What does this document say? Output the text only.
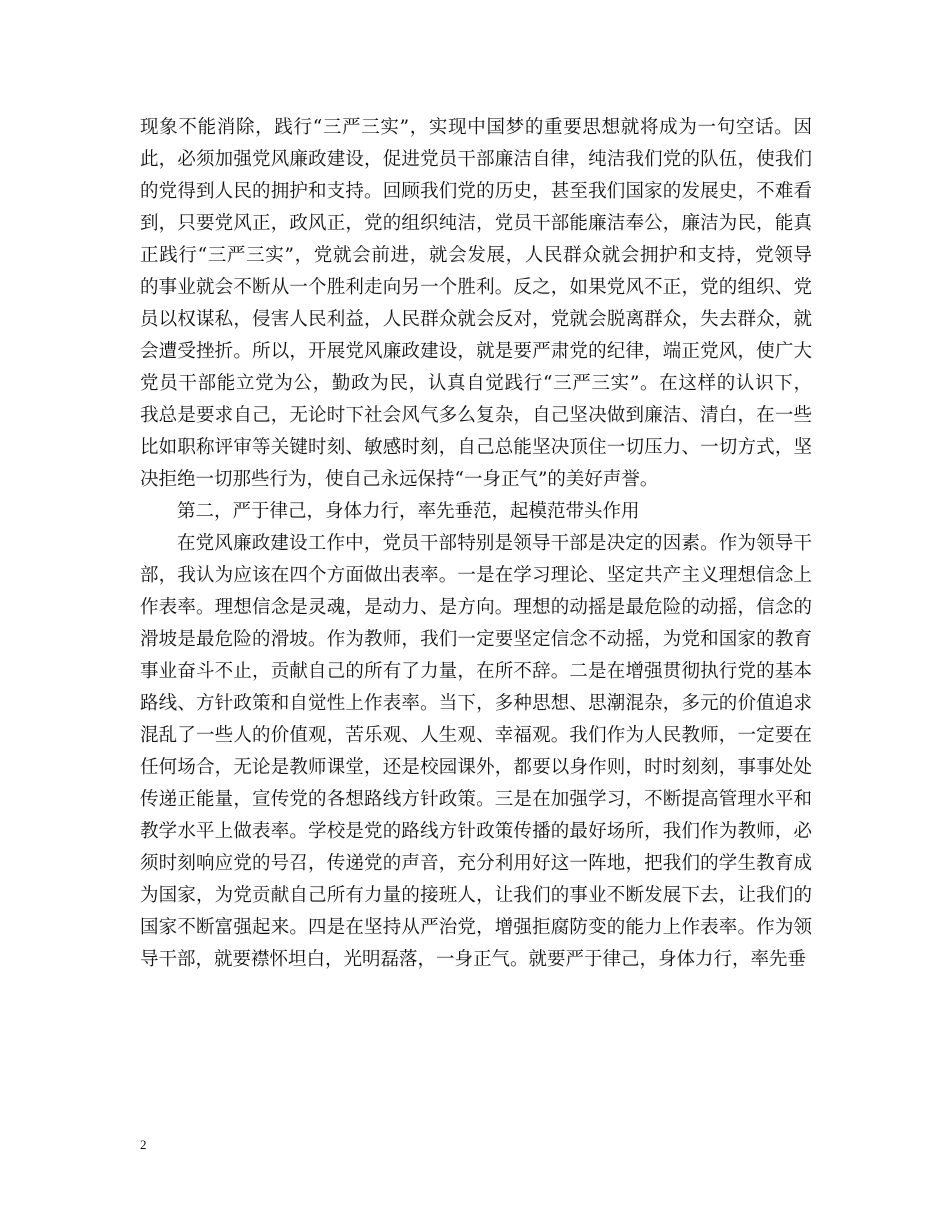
现象不能消除，践行“三严三实”，实现中国梦的重要思想就将成为一句空话。因
此，必须加强党风廉政建设，促进党员干部廉洁自律，纯洁我们党的队伍，使我们
的党得到人民的拥护和支持。回顾我们党的历史，甚至我们国家的发展史，不难看
到，只要党风正，政风正，党的组织纯洁，党员干部能廉洁奉公，廉洁为民，能真
正践行“三严三实”，党就会前进，就会发展，人民群众就会拥护和支持，党领导
的事业就会不断从一个胜利走向另一个胜利。反之，如果党风不正，党的组织、党
员以权谋私，侵害人民利益，人民群众就会反对，党就会脱离群众，失去群众，就
会遭受挫折。所以，开展党风廉政建设，就是要严肃党的纪律，端正党风，使广大
党员干部能立党为公，勤政为民，认真自觉践行“三严三实”。在这样的认识下，
我总是要求自己，无论时下社会风气多么复杂，自己坚决做到廉洁、清白，在一些
比如职称评审等关键时刻、敏感时刻，自己总能坚决顶住一切压力、一切方式，坚
决拒绝一切那些行为，使自己永远保持“一身正气”的美好声誉。
第二，严于律己，身体力行，率先垂范，起模范带头作用
在党风廉政建设工作中，党员干部特别是领导干部是决定的因素。作为领导干
部，我认为应该在四个方面做出表率。一是在学习理论、坚定共产主义理想信念上
作表率。理想信念是灵魂，是动力、是方向。理想的动摇是最危险的动摇，信念的
滑坡是最危险的滑坡。作为教师，我们一定要坚定信念不动摇，为党和国家的教育
事业奋斗不止，贡献自己的所有了力量，在所不辞。二是在增强贯彻执行党的基本
路线、方针政策和自觉性上作表率。当下，多种思想、思潮混杂，多元的价值追求
混乱了一些人的价值观，苦乐观、人生观、幸福观。我们作为人民教师，一定要在
任何场合，无论是教师课堂，还是校园课外，都要以身作则，时时刻刻，事事处处
传递正能量，宣传党的各想路线方针政策。三是在加强学习，不断提高管理水平和
教学水平上做表率。学校是党的路线方针政策传播的最好场所，我们作为教师，必
须时刻响应党的号召，传递党的声音，充分利用好这一阵地，把我们的学生教育成
为国家，为党贡献自己所有力量的接班人，让我们的事业不断发展下去，让我们的
国家不断富强起来。四是在坚持从严治党，增强拒腐防变的能力上作表率。作为领
导干部，就要襟怀坦白，光明磊落，一身正气。就要严于律己，身体力行，率先垂
2
